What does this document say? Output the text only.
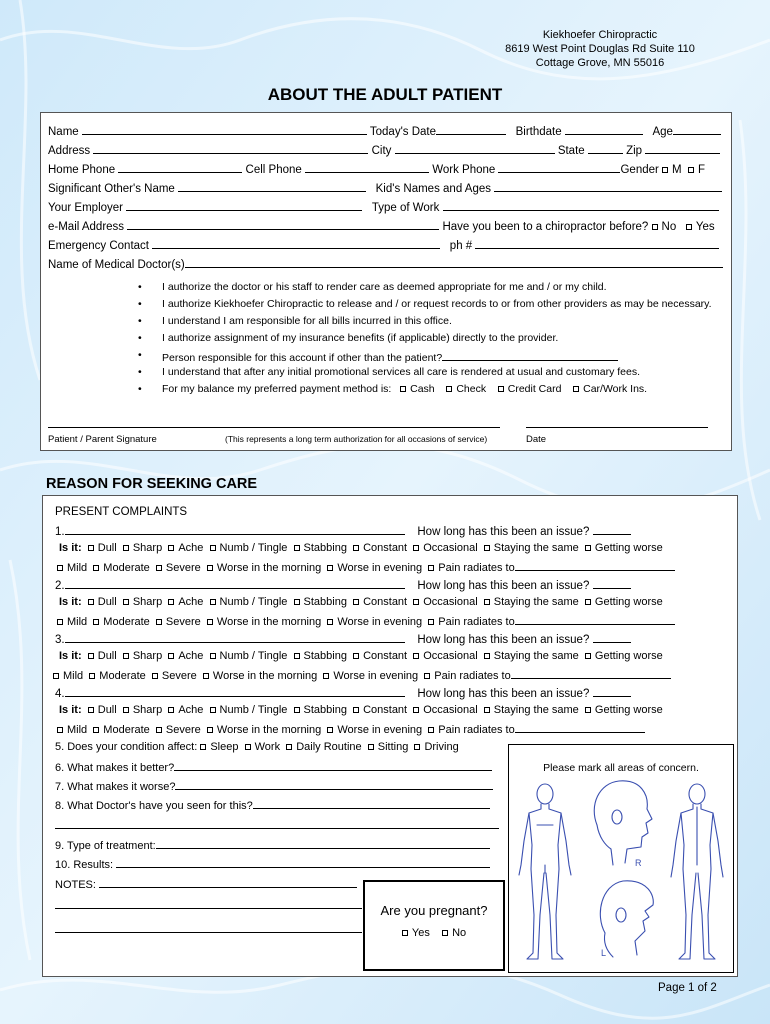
Kiekhoefer Chiropractic
8619 West Point Douglas Rd Suite 110
Cottage Grove, MN 55016
ABOUT THE ADULT PATIENT
Name	Today's Date	Birthdate	Age
Address	City	State	Zip
Home Phone	Cell Phone	Work Phone	Gender M F
Significant Other's Name	Kid's Names and Ages
Your Employer	Type of Work
e-Mail Address	Have you been to a chiropractor before? No Yes
Emergency Contact	ph #
Name of Medical Doctor(s)
• I authorize the doctor or his staff to render care as deemed appropriate for me and / or my child.
• I authorize Kiekhoefer Chiropractic to release and / or request records to or from other providers as may be necessary.
• I understand I am responsible for all bills incurred in this office.
• I authorize assignment of my insurance benefits (if applicable) directly to the provider.
• Person responsible for this account if other than the patient?
• I understand that after any initial promotional services all care is rendered at usual and customary fees.
• For my balance my preferred payment method is: Cash Check Credit Card Car/Work Ins.
Patient / Parent Signature	(This represents a long term authorization for all occasions of service)	Date
REASON FOR SEEKING CARE
PRESENT COMPLAINTS
1.	How long has this been an issue?
Is it: Dull Sharp Ache Numb / Tingle Stabbing Constant Occasional Staying the same Getting worse
Mild Moderate Severe Worse in the morning Worse in evening Pain radiates to
2.	How long has this been an issue?
Is it: Dull Sharp Ache Numb / Tingle Stabbing Constant Occasional Staying the same Getting worse
Mild Moderate Severe Worse in the morning Worse in evening Pain radiates to
3.	How long has this been an issue?
Is it: Dull Sharp Ache Numb / Tingle Stabbing Constant Occasional Staying the same Getting worse
Mild Moderate Severe Worse in the morning Worse in evening Pain radiates to
4.	How long has this been an issue?
Is it: Dull Sharp Ache Numb / Tingle Stabbing Constant Occasional Staying the same Getting worse
Mild Moderate Severe Worse in the morning Worse in evening Pain radiates to
5. Does your condition affect: Sleep Work Daily Routine Sitting Driving
6. What makes it better?
7. What makes it worse?
8. What Doctor's have you seen for this?
9. Type of treatment:
10. Results:
NOTES:
Are you pregnant?
Yes No
Please mark all areas of concern.
R
L
Page 1 of 2
